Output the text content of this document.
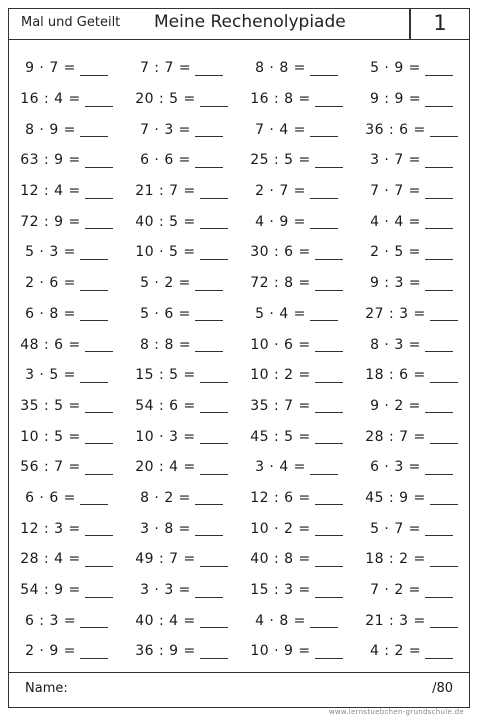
Mal und Geteilt Meine Rechenolypiade	1
9 · 7 =	7 : 7 =	8 · 8 =	5 · 9 =
16 : 4 =	20 : 5 =	16 : 8 =	9 : 9 =
8 · 9 =	7 · 3 =	7 · 4 =	36 : 6 =
63 : 9 =	6 · 6 =	25 : 5 =	3 · 7 =
12 : 4 =	21 : 7 =	2 · 7 =	7 · 7 =
72 : 9 =	40 : 5 =	4 · 9 =	4 · 4 =
5 · 3 =	10 · 5 =	30 : 6 =	2 · 5 =
2 · 6 =	5 · 2 =	72 : 8 =	9 : 3 =
6 · 8 =	5 · 6 =	5 · 4 =	27 : 3 =
48 : 6 =	8 : 8 =	10 · 6 =	8 · 3 =
3 · 5 =	15 : 5 =	10 : 2 =	18 : 6 =
35 : 5 =	54 : 6 =	35 : 7 =	9 · 2 =
10 : 5 =	10 · 3 =	45 : 5 =	28 : 7 =
56 : 7 =	20 : 4 =	3 · 4 =	6 · 3 =
6 · 6 =	8 · 2 =	12 : 6 =	45 : 9 =
12 : 3 =	3 · 8 =	10 · 2 =	5 · 7 =
28 : 4 =	49 : 7 =	40 : 8 =	18 : 2 =
54 : 9 =	3 · 3 =	15 : 3 =	7 · 2 =
6 : 3 =	40 : 4 =	4 · 8 =	21 : 3 =
2 · 9 =	36 : 9 =	10 · 9 =	4 : 2 =
Name:	/80
www.lernstuebchen-grundschule.de
